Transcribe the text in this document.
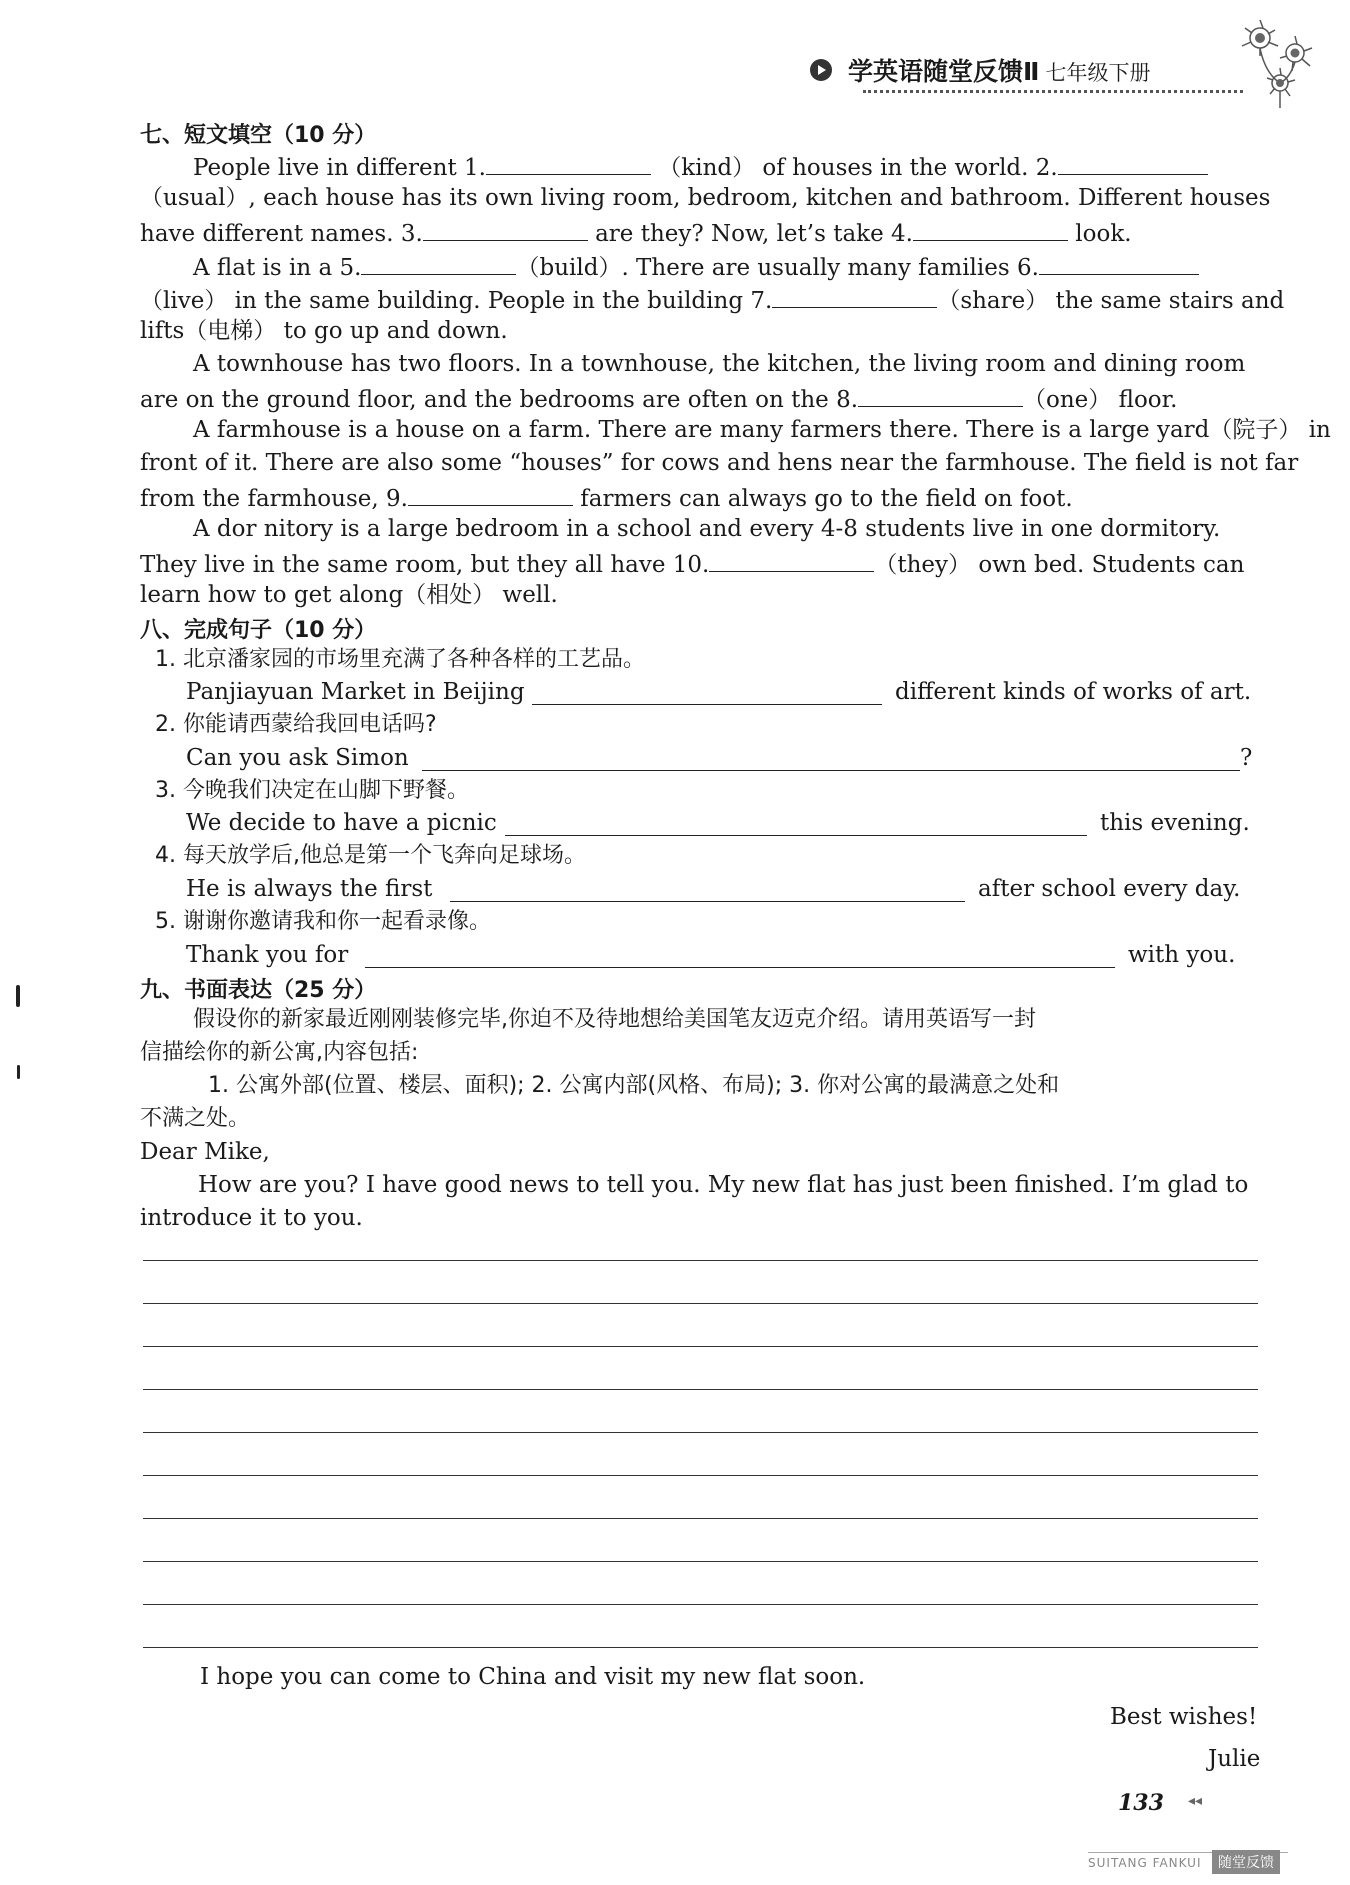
学英语随堂反馈Ⅱ 七年级下册
七、短文填空（10 分）
People live in different 1.	（kind） of houses in the world. 2.
（usual）, each house has its own living room, bedroom, kitchen and bathroom. Different houses
have different names. 3.	are they? Now, let’s take 4.	look.
A flat is in a 5.	（build）. There are usually many families 6.
（live） in the same building. People in the building 7.	（share） the same stairs and
lifts（电梯） to go up and down.
A townhouse has two floors. In a townhouse, the kitchen, the living room and dining room
are on the ground floor, and the bedrooms are often on the 8.	（one） floor.
A farmhouse is a house on a farm. There are many farmers there. There is a large yard（院子） in
front of it. There are also some “houses” for cows and hens near the farmhouse. The field is not far
from the farmhouse, 9.	farmers can always go to the field on foot.
A dor nitory is a large bedroom in a school and every 4-8 students live in one dormitory.
They live in the same room, but they all have 10.	（they） own bed. Students can
learn how to get along（相处） well.
八、完成句子（10 分）
1. 北京潘家园的市场里充满了各种各样的工艺品。
Panjiayuan Market in Beijing	different kinds of works of art.
2. 你能请西蒙给我回电话吗?
Can you ask Simon	?
3. 今晚我们决定在山脚下野餐。
We decide to have a picnic	this evening.
4. 每天放学后,他总是第一个飞奔向足球场。
He is always the first	after school every day.
5. 谢谢你邀请我和你一起看录像。
Thank you for	with you.
九、书面表达（25 分）
假设你的新家最近刚刚装修完毕,你迫不及待地想给美国笔友迈克介绍。请用英语写一封
信描绘你的新公寓,内容包括:
1. 公寓外部(位置、楼层、面积); 2. 公寓内部(风格、布局); 3. 你对公寓的最满意之处和
不满之处。
Dear Mike,
How are you? I have good news to tell you. My new flat has just been finished. I’m glad to
introduce it to you.
I hope you can come to China and visit my new flat soon.
Best wishes!
Julie
133 ◂◂
SUITANG FANKUI	随堂反馈
